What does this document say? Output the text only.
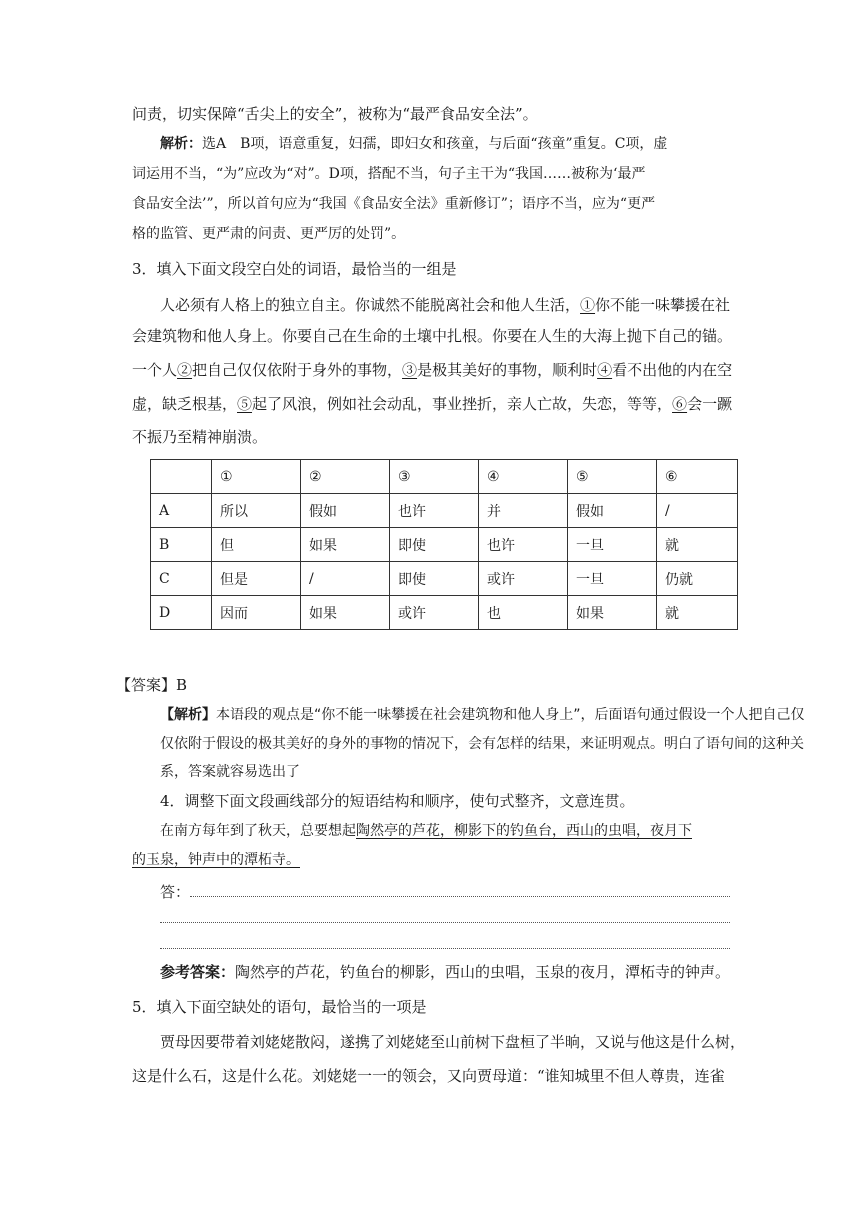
问责，切实保障“舌尖上的安全”，被称为“最严食品安全法”。
解析：选A　B项，语意重复，妇孺，即妇女和孩童，与后面“孩童”重复。C项，虚
词运用不当，“为”应改为“对”。D项，搭配不当，句子主干为“我国……被称为‘最严
食品安全法’”，所以首句应为“我国《食品安全法》重新修订”；语序不当，应为“更严
格的监管、更严肃的问责、更严厉的处罚”。
3．填入下面文段空白处的词语，最恰当的一组是
人必须有人格上的独立自主。你诚然不能脱离社会和他人生活，①你不能一味攀援在社
会建筑物和他人身上。你要自己在生命的土壤中扎根。你要在人生的大海上抛下自己的锚。
一个人②把自己仅仅依附于身外的事物，③是极其美好的事物，顺利时④看不出他的内在空
虚，缺乏根基，⑤起了风浪，例如社会动乱，事业挫折，亲人亡故，失恋，等等，⑥会一蹶
不振乃至精神崩溃。
	①	②	③	④	⑤	⑥
A	所以	假如	也许	并	假如	/
B	但	如果	即使	也许	一旦	就
C	但是	/	即使	或许	一旦	仍就
D	因而	如果	或许	也	如果	就
【答案】B
【解析】本语段的观点是“你不能一味攀援在社会建筑物和他人身上”，后面语句通过假设一个人把自己仅
仅依附于假设的极其美好的身外的事物的情况下，会有怎样的结果，来证明观点。明白了语句间的这种关
系，答案就容易选出了
4．调整下面文段画线部分的短语结构和顺序，使句式整齐，文意连贯。
在南方每年到了秋天，总要想起陶然亭的芦花，柳影下的钓鱼台，西山的虫唱，夜月下
的玉泉，钟声中的潭柘寺。
答：
参考答案：陶然亭的芦花，钓鱼台的柳影，西山的虫唱，玉泉的夜月，潭柘寺的钟声。
5．填入下面空缺处的语句，最恰当的一项是
贾母因要带着刘姥姥散闷，遂携了刘姥姥至山前树下盘桓了半晌，又说与他这是什么树，
这是什么石，这是什么花。刘姥姥一一的领会，又向贾母道：“谁知城里不但人尊贵，连雀
